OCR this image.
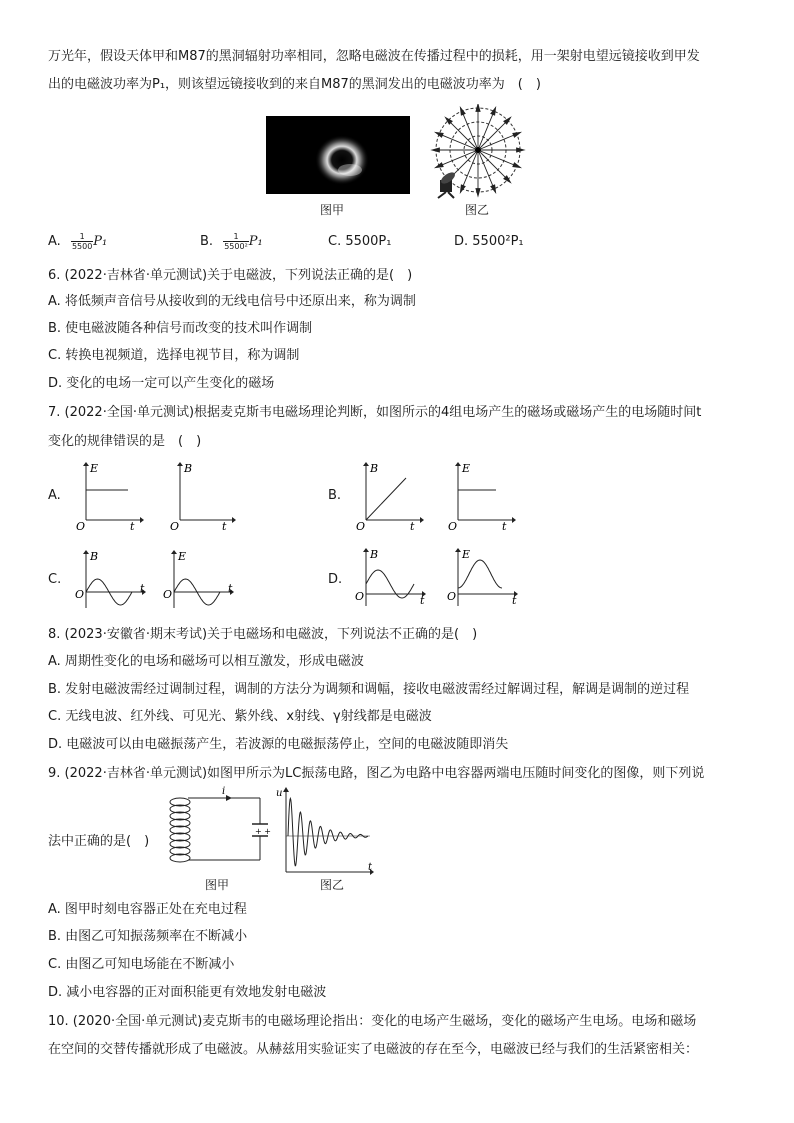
万光年，假设天体甲和M87的黑洞辐射功率相同，忽略电磁波在传播过程中的损耗，用一架射电望远镜接收到甲发
出的电磁波功率为P₁，则该望远镜接收到的来自M87的黑洞发出的电磁波功率为　(　)
图甲	图乙
A. $\frac{1}{5500} P_1$	B. $\frac{1}{\text{5500²}} P_1$	C. 5500P₁	D. 5500²P₁
6. (2022·吉林省·单元测试)关于电磁波，下列说法正确的是(　)
A. 将低频声音信号从接收到的无线电信号中还原出来，称为调制
B. 使电磁波随各种信号而改变的技术叫作调制
C. 转换电视频道，选择电视节目，称为调制
D. 变化的电场一定可以产生变化的磁场
7. (2022·全国·单元测试)根据麦克斯韦电磁场理论判断，如图所示的4组电场产生的磁场或磁场产生的电场随时间t
变化的规律错误的是　(　)
A.	B.
C.	D.
E
O	t
B
O	t
B
O	t
E
O	t
B
O	t
E
O	t
B
O	t
E
O	t
8. (2023·安徽省·期末考试)关于电磁场和电磁波，下列说法不正确的是(　)
A. 周期性变化的电场和磁场可以相互激发，形成电磁波
B. 发射电磁波需经过调制过程，调制的方法分为调频和调幅，接收电磁波需经过解调过程，解调是调制的逆过程
C. 无线电波、红外线、可见光、紫外线、x射线、γ射线都是电磁波
D. 电磁波可以由电磁振荡产生，若波源的电磁振荡停止，空间的电磁波随即消失
9. (2022·吉林省·单元测试)如图甲所示为LC振荡电路，图乙为电路中电容器两端电压随时间变化的图像，则下列说
法中正确的是(　)
+ +
i
图甲
u
t
图乙
A. 图甲时刻电容器正处在充电过程
B. 由图乙可知振荡频率在不断减小
C. 由图乙可知电场能在不断减小
D. 减小电容器的正对面积能更有效地发射电磁波
10. (2020·全国·单元测试)麦克斯韦的电磁场理论指出：变化的电场产生磁场，变化的磁场产生电场。电场和磁场
在空间的交替传播就形成了电磁波。从赫兹用实验证实了电磁波的存在至今，电磁波已经与我们的生活紧密相关：
